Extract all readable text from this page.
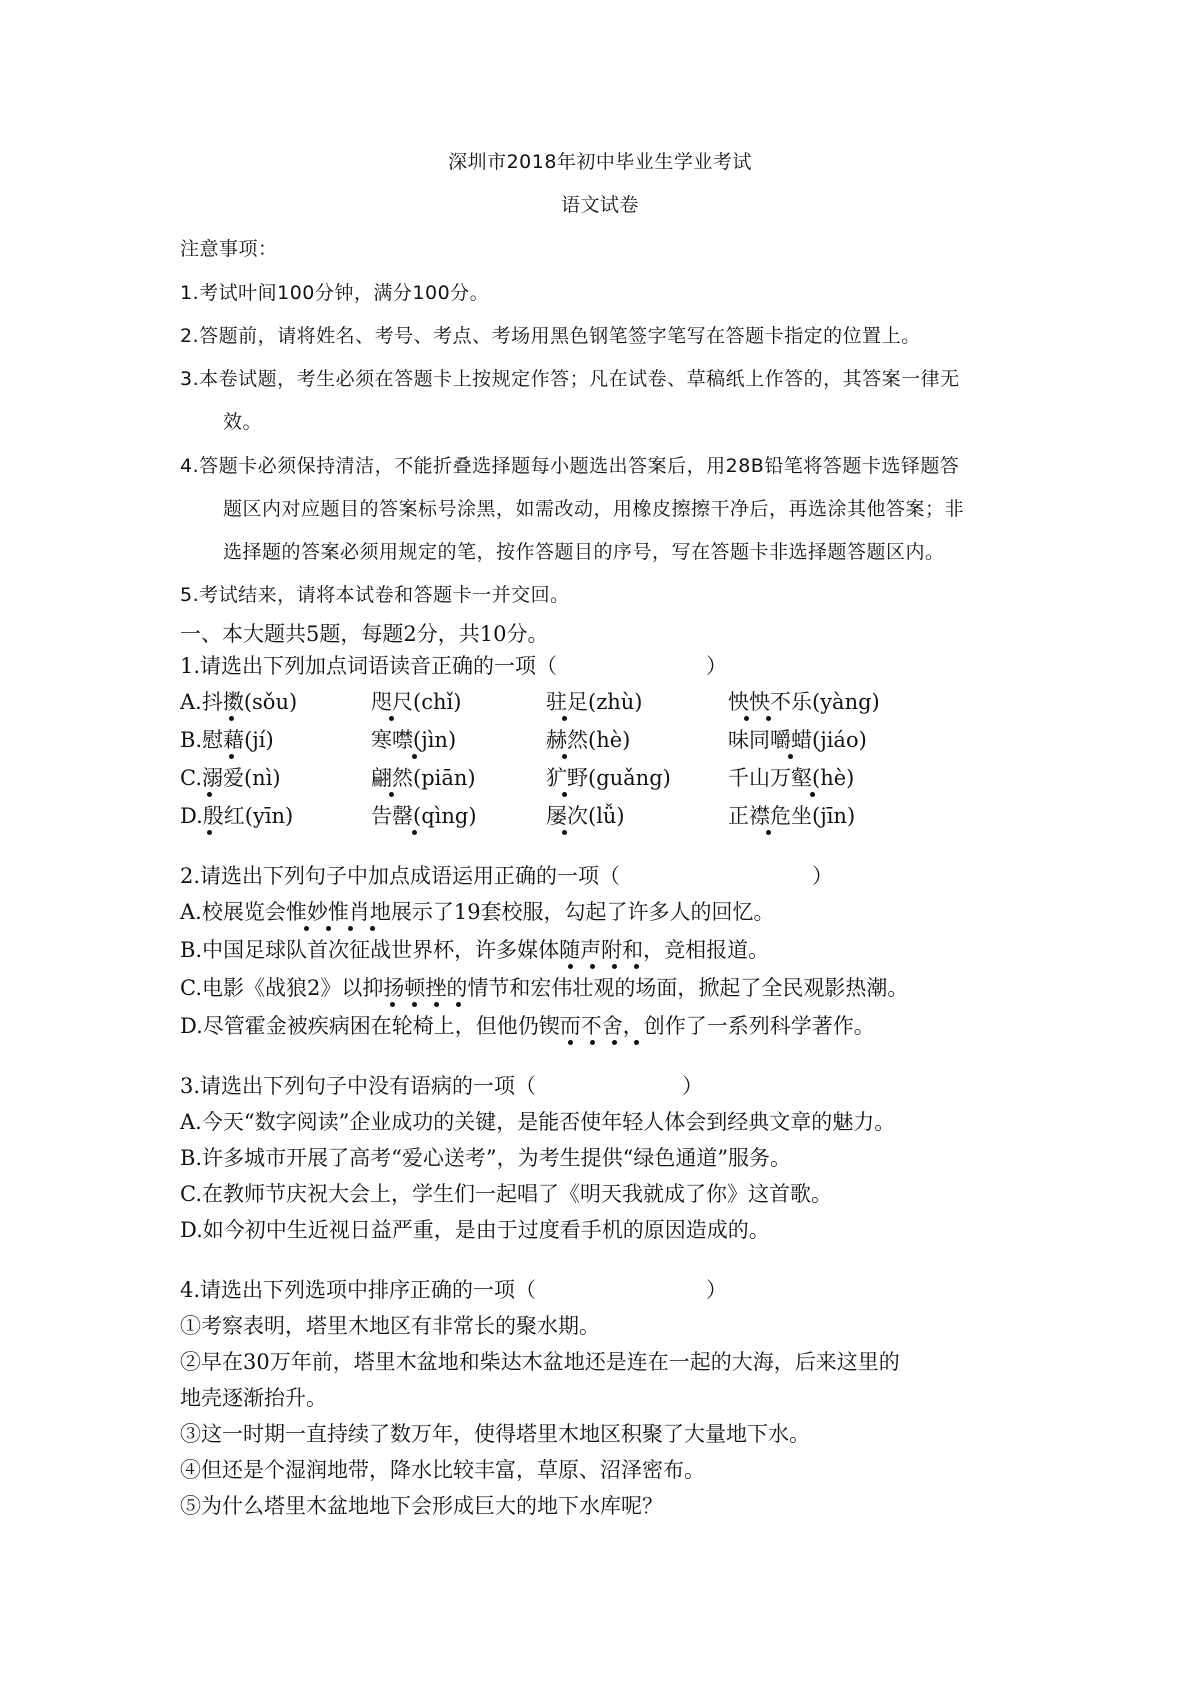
深圳市2018年初中毕业生学业考试
语文试卷
注意事项：
1.考试叶间100分钟，满分100分。
2.答题前，请将姓名、考号、考点、考场用黑色钢笔签字笔写在答题卡指定的位置上。
3.本卷试题，考生必须在答题卡上按规定作答；凡在试卷、草稿纸上作答的，其答案一律无
效。
4.答题卡必须保持清洁，不能折叠选择题每小题选出答案后，用28B铅笔将答题卡选铎题答
题区内对应题目的答案标号涂黑，如需改动，用橡皮擦擦干净后，再选涂其他答案；非
选择题的答案必须用规定的笔，按作答题目的序号，写在答题卡非选择题答题区内。
5.考试结来，请将本试卷和答题卡一并交回。
一、本大题共5题，每题2分，共10分。
1.请选出下列加点词语读音正确的一项（	）
A.抖擞(sǒu)	咫尺(chǐ)	驻足(zhù)	怏怏不乐(yàng)
B.慰藉(jí)	寒噤(jìn)	赫然(hè)	味同嚼蜡(jiáo)
C.溺爱(nì)	翩然(piān)	犷野(guǎng)	千山万壑(hè)
D.殷红(yīn)	告罄(qìng)	屡次(lǚ)	正襟危坐(jīn)
2.请选出下列句子中加点成语运用正确的一项（	）
A.校展览会惟妙惟肖地展示了19套校服，勾起了许多人的回忆。
B.中国足球队首次征战世界杯，许多媒体随声附和，竞相报道。
C.电影《战狼2》以抑扬顿挫的情节和宏伟壮观的场面，掀起了全民观影热潮。
D.尽管霍金被疾病困在轮椅上，但他仍锲而不舍，创作了一系列科学著作。
3.请选出下列句子中没有语病的一项（	）
A.今天“数字阅读”企业成功的关键，是能否使年轻人体会到经典文章的魅力。
B.许多城市开展了高考“爱心送考”，为考生提供“绿色通道”服务。
C.在教师节庆祝大会上，学生们一起唱了《明天我就成了你》这首歌。
D.如今初中生近视日益严重，是由于过度看手机的原因造成的。
4.请选出下列选项中排序正确的一项（	）
①考察表明，塔里木地区有非常长的聚水期。
②早在30万年前，塔里木盆地和柴达木盆地还是连在一起的大海，后来这里的
地壳逐渐抬升。
③这一时期一直持续了数万年，使得塔里木地区积聚了大量地下水。
④但还是个湿润地带，降水比较丰富，草原、沼泽密布。
⑤为什么塔里木盆地地下会形成巨大的地下水库呢？
